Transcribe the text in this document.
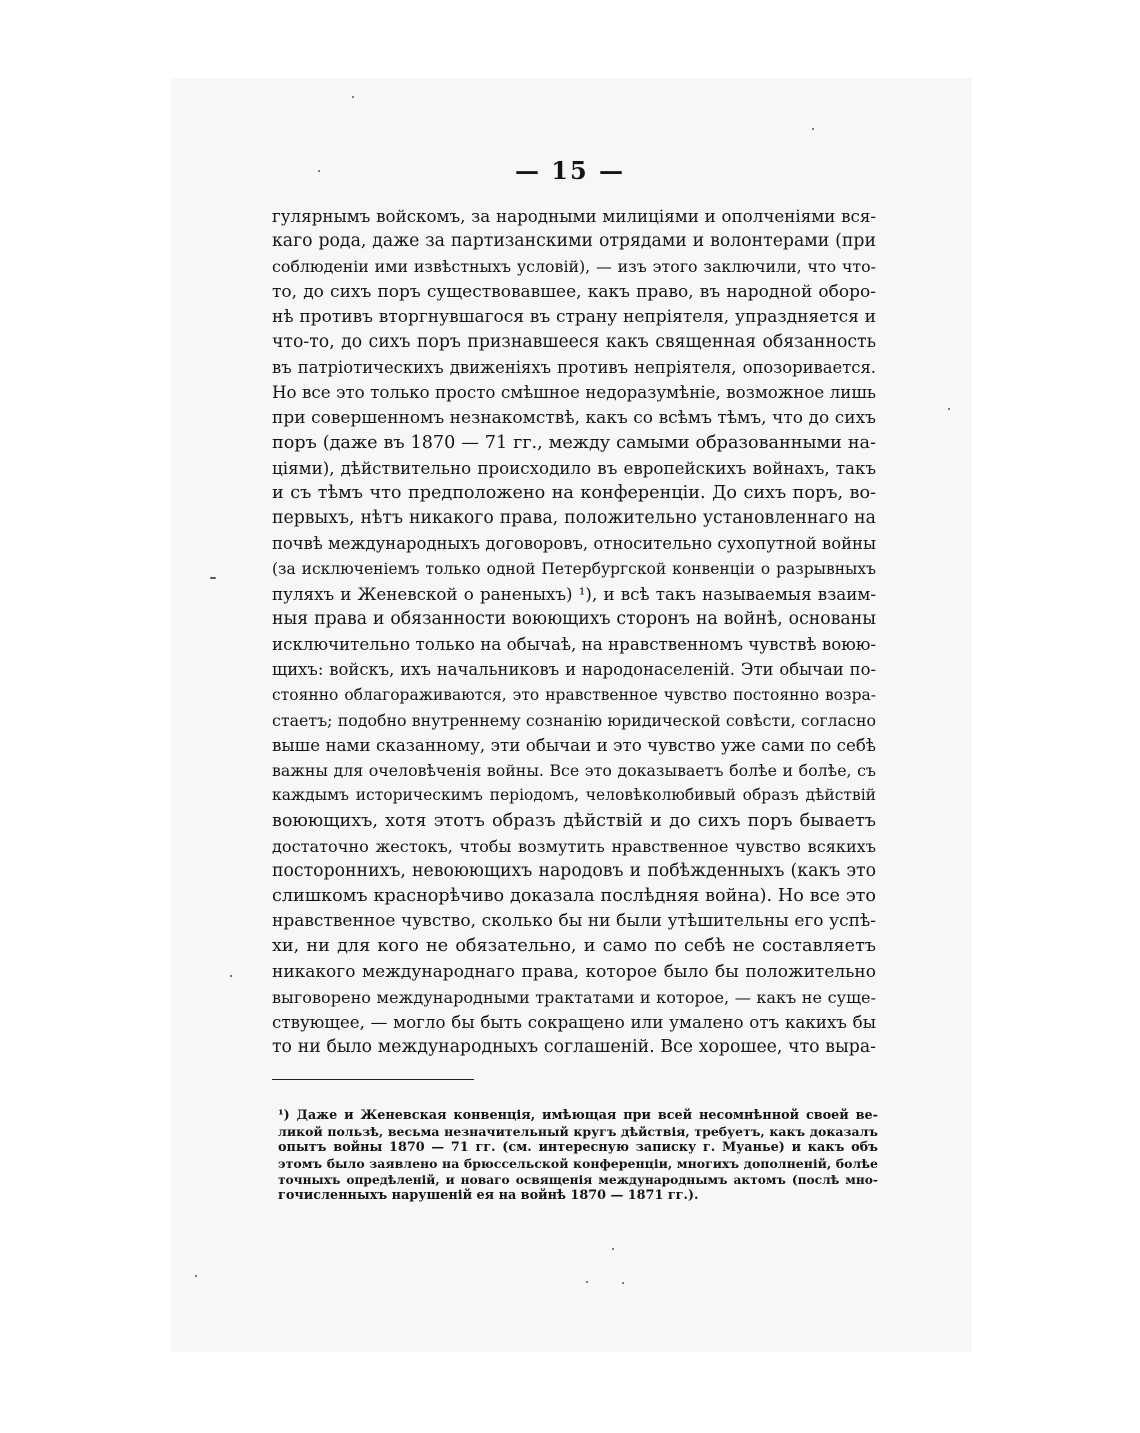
— 15 —
гулярнымъ войскомъ, за народными милиціями и ополченіями вся-
каго рода, даже за партизанскими отрядами и волонтерами (при
соблюденіи ими извѣстныхъ условій), — изъ этого заключили, что что-
то, до сихъ поръ существовавшее, какъ право, въ народной оборо-
нѣ противъ вторгнувшагося въ страну непріятеля, упраздняется и
что-то, до сихъ поръ признавшееся какъ священная обязанность
въ патріотическихъ движеніяхъ противъ непріятеля, опозоривается.
Но все это только просто смѣшное недоразумѣніе, возможное лишь
при совершенномъ незнакомствѣ, какъ со всѣмъ тѣмъ, что до сихъ
поръ (даже въ 1870 — 71 гг., между самыми образованными на-
ціями), дѣйствительно происходило въ европейскихъ войнахъ, такъ
и съ тѣмъ что предположено на конференціи. До сихъ поръ, во-
первыхъ, нѣтъ никакого права, положительно установленнаго на
почвѣ международныхъ договоровъ, относительно сухопутной войны
(за исключеніемъ только одной Петербургской конвенціи о разрывныхъ
пуляхъ и Женевской о раненыхъ) ¹), и всѣ такъ называемыя взаим-
ныя права и обязанности воюющихъ сторонъ на войнѣ, основаны
исключительно только на обычаѣ, на нравственномъ чувствѣ воюю-
щихъ: войскъ, ихъ начальниковъ и народонаселеній. Эти обычаи по-
стоянно облагораживаются, это нравственное чувство постоянно возра-
стаетъ; подобно внутреннему сознанію юридической совѣсти, согласно
выше нами сказанному, эти обычаи и это чувство уже сами по себѣ
важны для очеловѣченія войны. Все это доказываетъ болѣе и болѣе, съ
каждымъ историческимъ періодомъ, человѣколюбивый образъ дѣйствій
воюющихъ, хотя этотъ образъ дѣйствій и до сихъ поръ бываетъ
достаточно жестокъ, чтобы возмутить нравственное чувство всякихъ
постороннихъ, невоюющихъ народовъ и побѣжденныхъ (какъ это
слишкомъ краснорѣчиво доказала послѣдняя война). Но все это
нравственное чувство, сколько бы ни были утѣшительны его успѣ-
хи, ни для кого не обязательно, и само по себѣ не составляетъ
никакого международнаго права, которое было бы положительно
выговорено международными трактатами и которое, — какъ не суще-
ствующее, — могло бы быть сокращено или умалено отъ какихъ бы
то ни было международныхъ соглашеній. Все хорошее, что выра-
¹) Даже и Женевская конвенція, имѣющая при всей несомнѣнной своей ве-
ликой пользѣ, весьма незначительный кругъ дѣйствія, требуетъ, какъ доказалъ
опытъ войны 1870 — 71 гг. (см. интересную записку г. Муанье) и какъ объ
этомъ было заявлено на брюссельской конференціи, многихъ дополненій, болѣе
точныхъ опредѣленій, и новаго освященія международнымъ актомъ (послѣ мно-
гочисленныхъ нарушеній ея на войнѣ 1870 — 1871 гг.).
